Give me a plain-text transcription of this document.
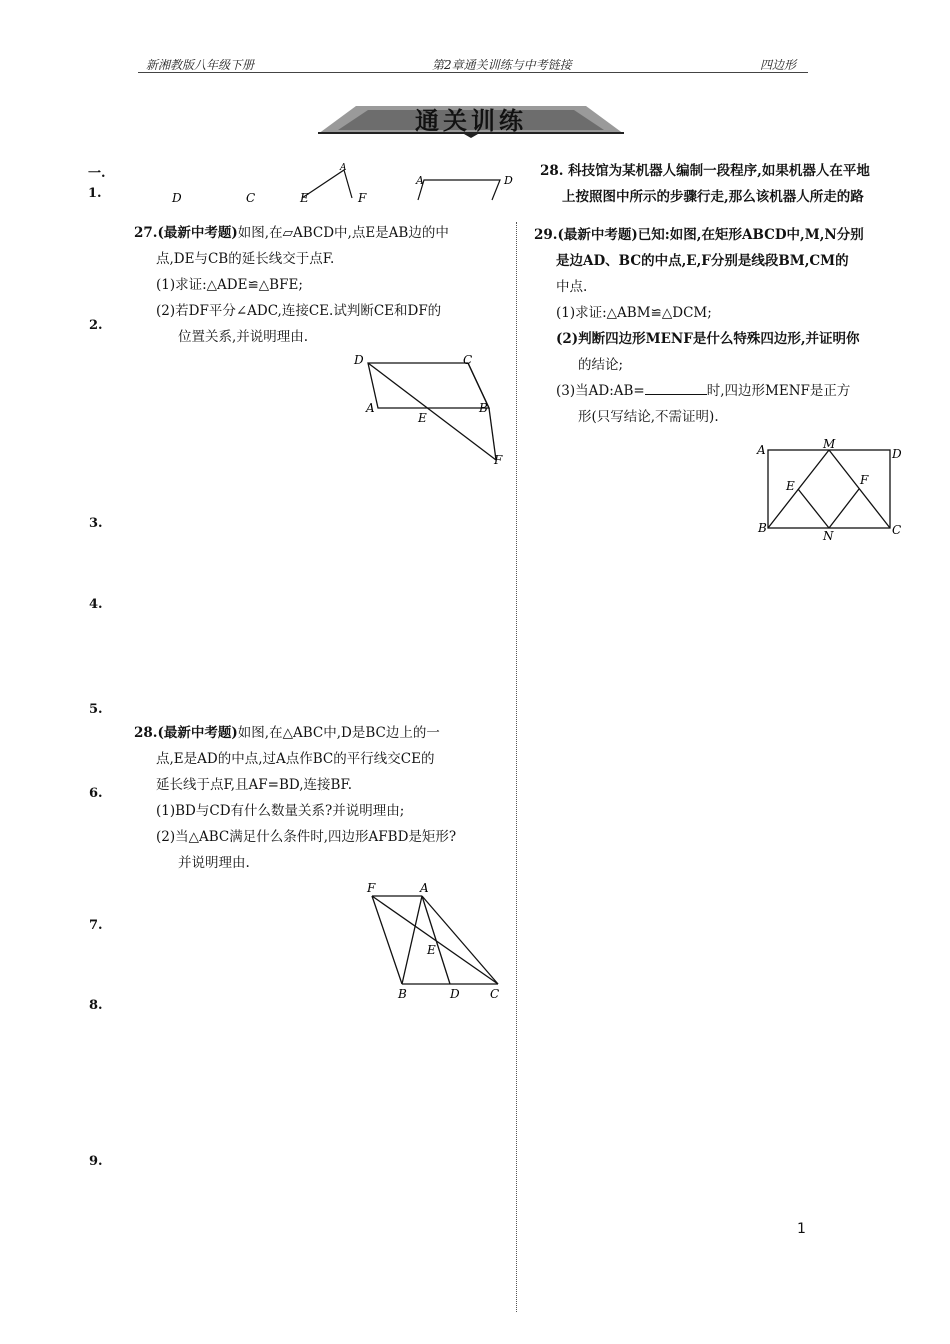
新湘教版八年级下册	第2章通关训练与中考链接	四边形
通关训练
一.
1.	D	C	E
A
F
A	D
28. 科技馆为某机器人编制一段程序,如果机器人在平地
上按照图中所示的步骤行走,那么该机器人所走的路
2.
3.
4.
5.
6.
7.
8.
9.
27.(最新中考题)如图,在▱ABCD中,点E是AB边的中
点,DE与CB的延长线交于点F.
(1)求证:△ADE≌△BFE;
(2)若DF平分∠ADC,连接CE.试判断CE和DF的
位置关系,并说明理由.
D	C
A
E
B
F
28.(最新中考题)如图,在△ABC中,D是BC边上的一
点,E是AD的中点,过A点作BC的平行线交CE的
延长线于点F,且AF=BD,连接BF.
(1)BD与CD有什么数量关系?并说明理由;
(2)当△ABC满足什么条件时,四边形AFBD是矩形?
并说明理由.
F	A
E
B	D	C
29.(最新中考题)已知:如图,在矩形ABCD中,M,N分别
是边AD、BC的中点,E,F分别是线段BM,CM的
中点.
(1)求证:△ABM≌△DCM;
(2)判断四边形MENF是什么特殊四边形,并证明你
的结论;
(3)当AD:AB=	时,四边形MENF是正方
形(只写结论,不需证明).
A	M
D
E	F
B
N	C
1
